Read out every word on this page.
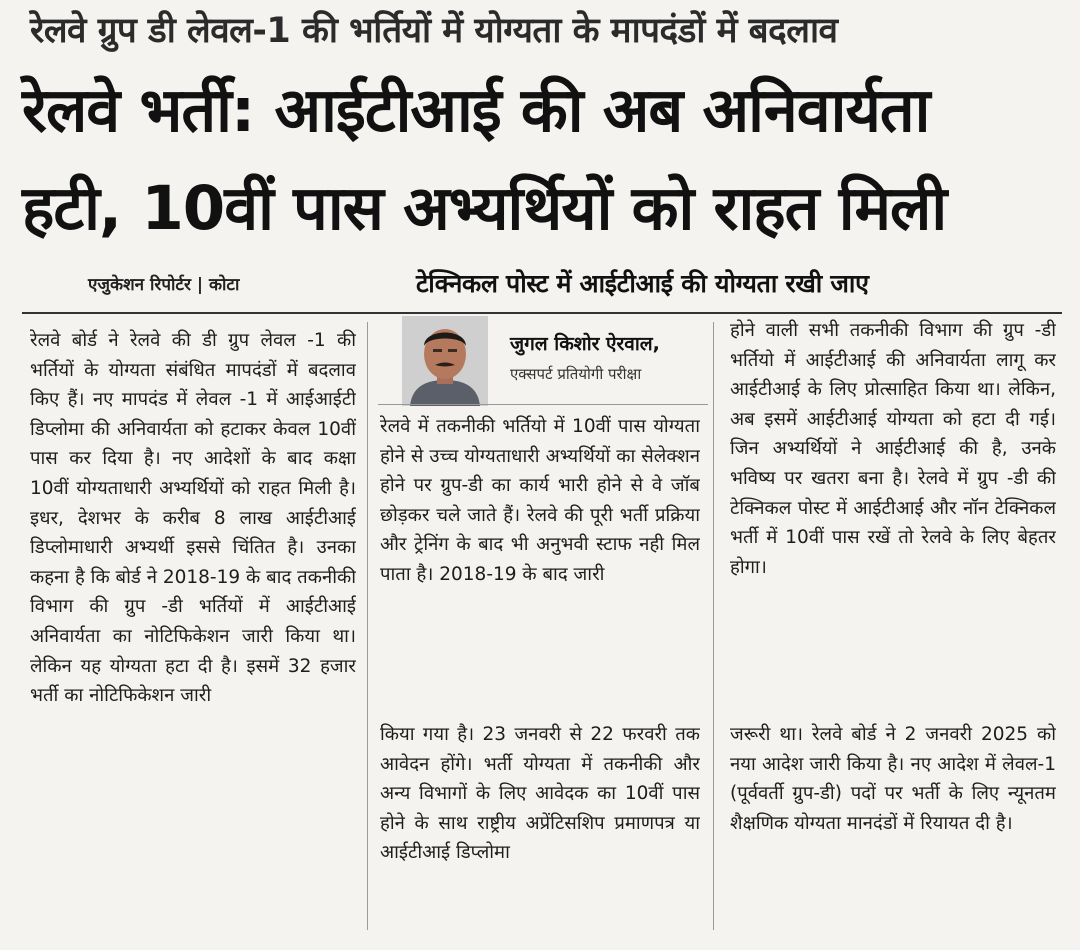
रेलवे ग्रुप डी लेवल-1 की भर्तियों में योग्यता के मापदंडों में बदलाव
रेलवे भर्ती: आईटीआई की अब अनिवार्यता
हटी, 10वीं पास अभ्यर्थियों को राहत मिली
एजुकेशन रिपोर्टर | कोटा	टेक्निकल पोस्ट में आईटीआई की योग्यता रखी जाए
रेलवे बोर्ड ने रेलवे की डी ग्रुप लेवल -1 की भर्तियों के योग्यता संबंधित मापदंडों में बदलाव किए हैं। नए मापदंड में लेवल -1 में आईआईटी डिप्लोमा की अनिवार्यता को हटाकर केवल 10वीं पास कर दिया है। नए आदेशों के बाद कक्षा 10वीं योग्यताधारी अभ्यर्थियों को राहत मिली है। इधर, देशभर के करीब 8 लाख आईटीआई डिप्लोमाधारी अभ्यर्थी इससे चिंतित है। उनका कहना है कि बोर्ड ने 2018-19 के बाद तकनीकी विभाग की ग्रुप -डी भर्तियों में आईटीआई अनिवार्यता का नोटिफिकेशन जारी किया था। लेकिन यह योग्यता हटा दी है। इसमें 32 हजार भर्ती का नोटिफिकेशन जारी
जुगल किशोर ऐरवाल,
एक्सपर्ट प्रतियोगी परीक्षा
रेलवे में तकनीकी भर्तियो में 10वीं पास योग्यता होने से उच्च योग्यताधारी अभ्यर्थियों का सेलेक्शन होने पर ग्रुप-डी का कार्य भारी होने से वे जॉब छोड़कर चले जाते हैं। रेलवे की पूरी भर्ती प्रक्रिया और ट्रेनिंग के बाद भी अनुभवी स्टाफ नही मिल पाता है। 2018-19 के बाद जारी
किया गया है। 23 जनवरी से 22 फरवरी तक आवेदन होंगे। भर्ती योग्यता में तकनीकी और अन्य विभागों के लिए आवेदक का 10वीं पास होने के साथ राष्ट्रीय अप्रेंटिसशिप प्रमाणपत्र या आईटीआई डिप्लोमा
होने वाली सभी तकनीकी विभाग की ग्रुप -डी भर्तियो में आईटीआई की अनिवार्यता लागू कर आईटीआई के लिए प्रोत्साहित किया था। लेकिन, अब इसमें आईटीआई योग्यता को हटा दी गई। जिन अभ्यर्थियों ने आईटीआई की है, उनके भविष्य पर खतरा बना है। रेलवे में ग्रुप -डी की टेक्निकल पोस्ट में आईटीआई और नॉन टेक्निकल भर्ती में 10वीं पास रखें तो रेलवे के लिए बेहतर होगा।
जरूरी था। रेलवे बोर्ड ने 2 जनवरी 2025 को नया आदेश जारी किया है। नए आदेश में लेवल-1 (पूर्ववर्ती ग्रुप-डी) पदों पर भर्ती के लिए न्यूनतम शैक्षणिक योग्यता मानदंडों में रियायत दी है।
